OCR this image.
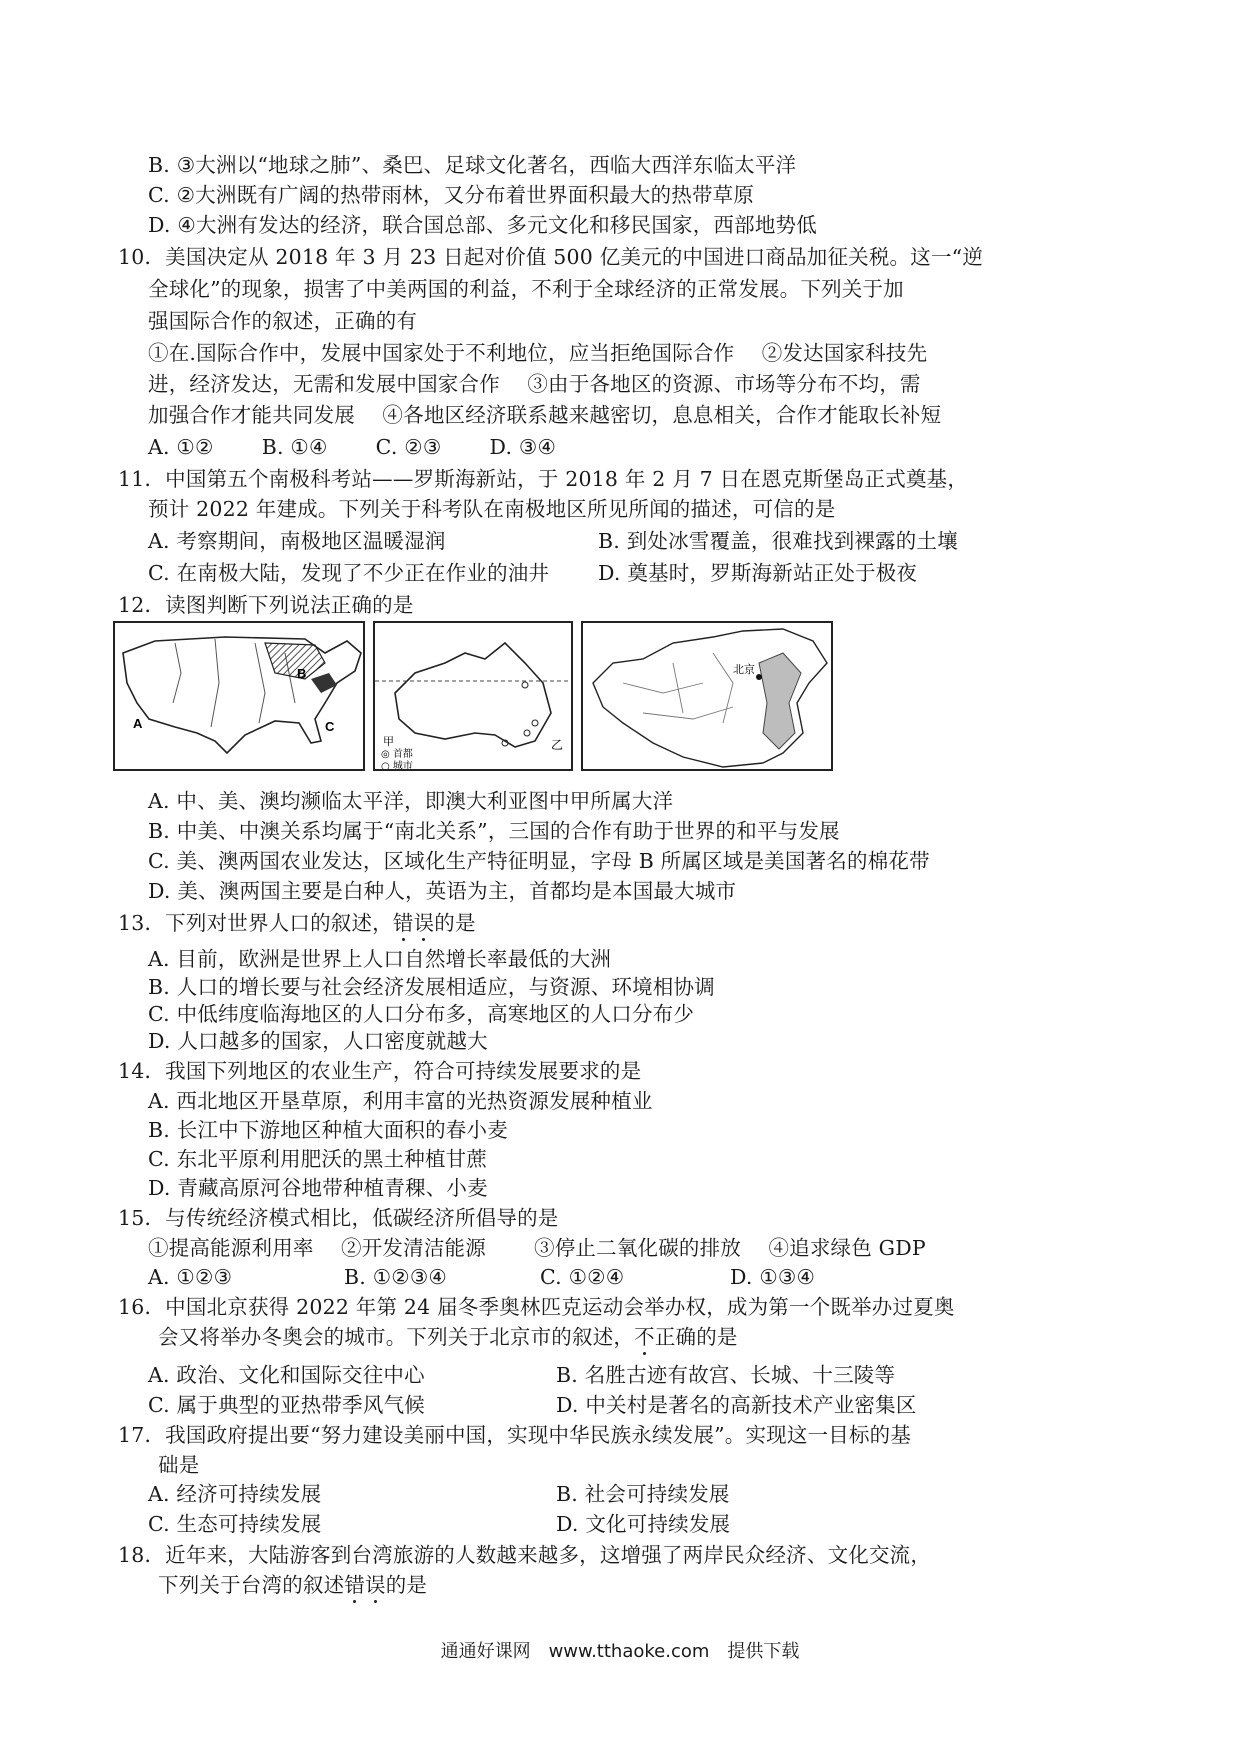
B. ③大洲以“地球之肺”、桑巴、足球文化著名，西临大西洋东临太平洋
C. ②大洲既有广阔的热带雨林，又分布着世界面积最大的热带草原
D. ④大洲有发达的经济，联合国总部、多元文化和移民国家，西部地势低
10．美国决定从 2018 年 3 月 23 日起对价值 500 亿美元的中国进口商品加征关税。这一“逆
全球化”的现象，损害了中美两国的利益，不利于全球经济的正常发展。下列关于加
强国际合作的叙述，正确的有
①在.国际合作中，发展中国家处于不利地位，应当拒绝国际合作　 ②发达国家科技先
进，经济发达，无需和发展中国家合作　 ③由于各地区的资源、市场等分布不均，需
加强合作才能共同发展　 ④各地区经济联系越来越密切，息息相关，合作才能取长补短
A. ①②　　 B. ①④　　 C. ②③　　 D. ③④
11．中国第五个南极科考站——罗斯海新站，于 2018 年 2 月 7 日在恩克斯堡岛正式奠基，
预计 2022 年建成。下列关于科考队在南极地区所见所闻的描述，可信的是
A. 考察期间，南极地区温暖湿润	B. 到处冰雪覆盖，很难找到裸露的土壤
C. 在南极大陆，发现了不少正在作业的油井 D. 奠基时，罗斯海新站正处于极夜
12．读图判断下列说法正确的是
B
A	C
乙
甲
◎ 首都
○ 城市
北京
A. 中、美、澳均濒临太平洋，即澳大利亚图中甲所属大洋
B. 中美、中澳关系均属于“南北关系”，三国的合作有助于世界的和平与发展
C. 美、澳两国农业发达，区域化生产特征明显，字母 B 所属区域是美国著名的棉花带
D. 美、澳两国主要是白种人，英语为主，首都均是本国最大城市
13．下列对世界人口的叙述，错误的是
A. 目前，欧洲是世界上人口自然增长率最低的大洲
B. 人口的增长要与社会经济发展相适应，与资源、环境相协调
C. 中低纬度临海地区的人口分布多，高寒地区的人口分布少
D. 人口越多的国家，人口密度就越大
14．我国下列地区的农业生产，符合可持续发展要求的是
A. 西北地区开垦草原，利用丰富的光热资源发展种植业
B. 长江中下游地区种植大面积的春小麦
C. 东北平原利用肥沃的黑土种植甘蔗
D. 青藏高原河谷地带种植青稞、小麦
15．与传统经济模式相比，低碳经济所倡导的是
①提高能源利用率　 ②开发清洁能源　　 ③停止二氧化碳的排放　 ④追求绿色 GDP
A. ①②③	B. ①②③④	C. ①②④	D. ①③④
16．中国北京获得 2022 年第 24 届冬季奥林匹克运动会举办权，成为第一个既举办过夏奥
会又将举办冬奥会的城市。下列关于北京市的叙述，不正确的是
A. 政治、文化和国际交往中心	B. 名胜古迹有故宫、长城、十三陵等
C. 属于典型的亚热带季风气候	D. 中关村是著名的高新技术产业密集区
17．我国政府提出要“努力建设美丽中国，实现中华民族永续发展”。实现这一目标的基
础是
A. 经济可持续发展	B. 社会可持续发展
C. 生态可持续发展	D. 文化可持续发展
18．近年来，大陆游客到台湾旅游的人数越来越多，这增强了两岸民众经济、文化交流，
下列关于台湾的叙述错误的是
通通好课网　www.tthaoke.com　提供下载
